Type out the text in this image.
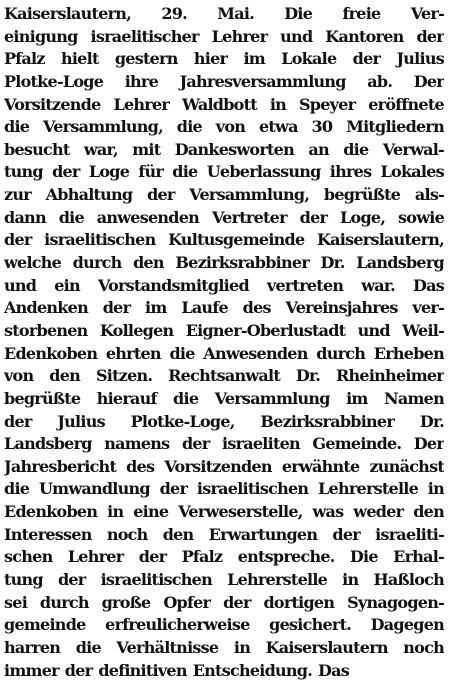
Kaiserslautern, 29. Mai. Die freie Ver-
einigung israelitischer Lehrer und Kantoren der
Pfalz hielt gestern hier im Lokale der Julius
Plotke-Loge ihre Jahresversammlung ab. Der
Vorsitzende Lehrer Waldbott in Speyer eröffnete
die Versammlung, die von etwa 30 Mitgliedern
besucht war, mit Dankesworten an die Verwal-
tung der Loge für die Ueberlassung ihres Lokales
zur Abhaltung der Versammlung, begrüßte als-
dann die anwesenden Vertreter der Loge, sowie
der israelitischen Kultusgemeinde Kaiserslautern,
welche durch den Bezirksrabbiner Dr. Landsberg
und ein Vorstandsmitglied vertreten war. Das
Andenken der im Laufe des Vereinsjahres ver-
storbenen Kollegen Eigner-Oberlustadt und Weil-
Edenkoben ehrten die Anwesenden durch Erheben
von den Sitzen. Rechtsanwalt Dr. Rheinheimer
begrüßte hierauf die Versammlung im Namen
der Julius Plotke-Loge, Bezirksrabbiner Dr.
Landsberg namens der israeliten Gemeinde. Der
Jahresbericht des Vorsitzenden erwähnte zunächst
die Umwandlung der israelitischen Lehrerstelle in
Edenkoben in eine Verweserstelle, was weder den
Interessen noch den Erwartungen der israeliti-
schen Lehrer der Pfalz entspreche. Die Erhal-
tung der israelitischen Lehrerstelle in Haßloch
sei durch große Opfer der dortigen Synagogen-
gemeinde erfreulicherweise gesichert. Dagegen
harren die Verhältnisse in Kaiserslautern noch
immer der definitiven Entscheidung. Das
